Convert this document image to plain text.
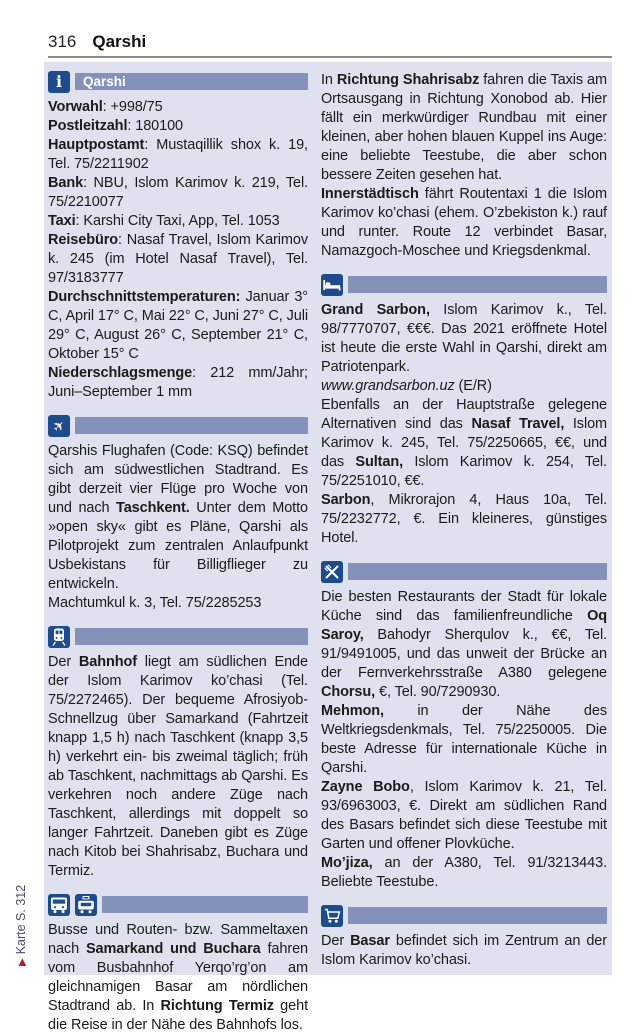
316 Qarshi
i	Qarshi

Vorwahl: +998/75

Postleitzahl: 180100

Hauptpostamt: Mustaqillik shox k. 19, Tel. 75/2211902

Bank: NBU, Islom Karimov k. 219, Tel. 75/2210077

Taxi: Karshi City Taxi, App, Tel. 1053

Reisebüro: Nasaf Travel, Islom Karimov k. 245 (im Hotel Nasaf Travel), Tel. 97/3183777

Durchschnittstemperaturen: Januar 3° C, April 17° C, Mai 22° C, Juni 27° C, Juli 29° C, August 26° C, September 21° C, Oktober 15° C

Niederschlagsmenge: 212 mm/Jahr; Juni–September 1 mm

✈

Qarshis Flughafen (Code: KSQ) befindet sich am südwestlichen Stadtrand. Es gibt derzeit vier Flüge pro Woche von und nach Taschkent. Unter dem Motto »open sky« gibt es Pläne, Qarshi als Pilotprojekt zum zentralen Anlaufpunkt Usbekistans für Billigflieger zu entwickeln.

Machtumkul k. 3, Tel. 75/2285253

Der Bahnhof liegt am südlichen Ende der Islom Karimov ko’chasi (Tel. 75/2272465). Der bequeme Afrosiyob-Schnellzug über Samarkand (Fahrtzeit knapp 1,5 h) nach Taschkent (knapp 3,5 h) verkehrt ein- bis zweimal täglich; früh ab Taschkent, nachmittags ab Qarshi. Es verkehren noch andere Züge nach Taschkent, allerdings mit doppelt so langer Fahrtzeit. Daneben gibt es Züge nach Kitob bei Shahrisabz, Buchara und Termiz.

Busse und Routen- bzw. Sammeltaxen nach Samarkand und Buchara fahren vom Busbahnhof Yerqo’rg’on am gleichnamigen Basar am nördlichen Stadtrand ab. In Richtung Termiz geht die Reise in der Nähe des Bahnhofs los.

In Richtung Shahrisabz fahren die Taxis am Ortsausgang in Richtung Xonobod ab. Hier fällt ein merkwürdiger Rundbau mit einer kleinen, aber hohen blauen Kuppel ins Auge: eine beliebte Teestube, die aber schon bessere Zeiten gesehen hat.

Innerstädtisch fährt Routentaxi 1 die Islom Karimov ko’chasi (ehem. O’zbekiston k.) rauf und runter. Route 12 verbindet Basar, Namazgoch-Moschee und Kriegsdenkmal.

Grand Sarbon, Islom Karimov k., Tel. 98/7770707, €€€. Das 2021 eröffnete Hotel ist heute die erste Wahl in Qarshi, direkt am Patriotenpark.

www.grandsarbon.uz (E/R)

Ebenfalls an der Hauptstraße gelegene Alternativen sind das Nasaf Travel, Islom Karimov k. 245, Tel. 75/2250665, €€, und das Sultan, Islom Karimov k. 254, Tel. 75/2251010, €€.

Sarbon, Mikrorajon 4, Haus 10a, Tel. 75/2232772, €. Ein kleineres, günstiges Hotel.

Die besten Restaurants der Stadt für lokale Küche sind das familienfreundliche Oq Saroy, Bahodyr Sherqulov k., €€, Tel. 91/9491005, und das unweit der Brücke an der Fernverkehrsstraße A380 gelegene Chorsu, €, Tel. 90/7290930.

Mehmon, in der Nähe des Weltkriegsdenkmals, Tel. 75/2250005. Die beste Adresse für internationale Küche in Qarshi.

Zayne Bobo, Islom Karimov k. 21, Tel. 93/6963003, €. Direkt am südlichen Rand des Basars befindet sich diese Teestube mit Garten und offener Plovküche.

Mo’jiza, an der A380, Tel. 91/3213443. Beliebte Teestube.

Der Basar befindet sich im Zentrum an der Islom Karimov ko’chasi.

▶Karte S. 312
